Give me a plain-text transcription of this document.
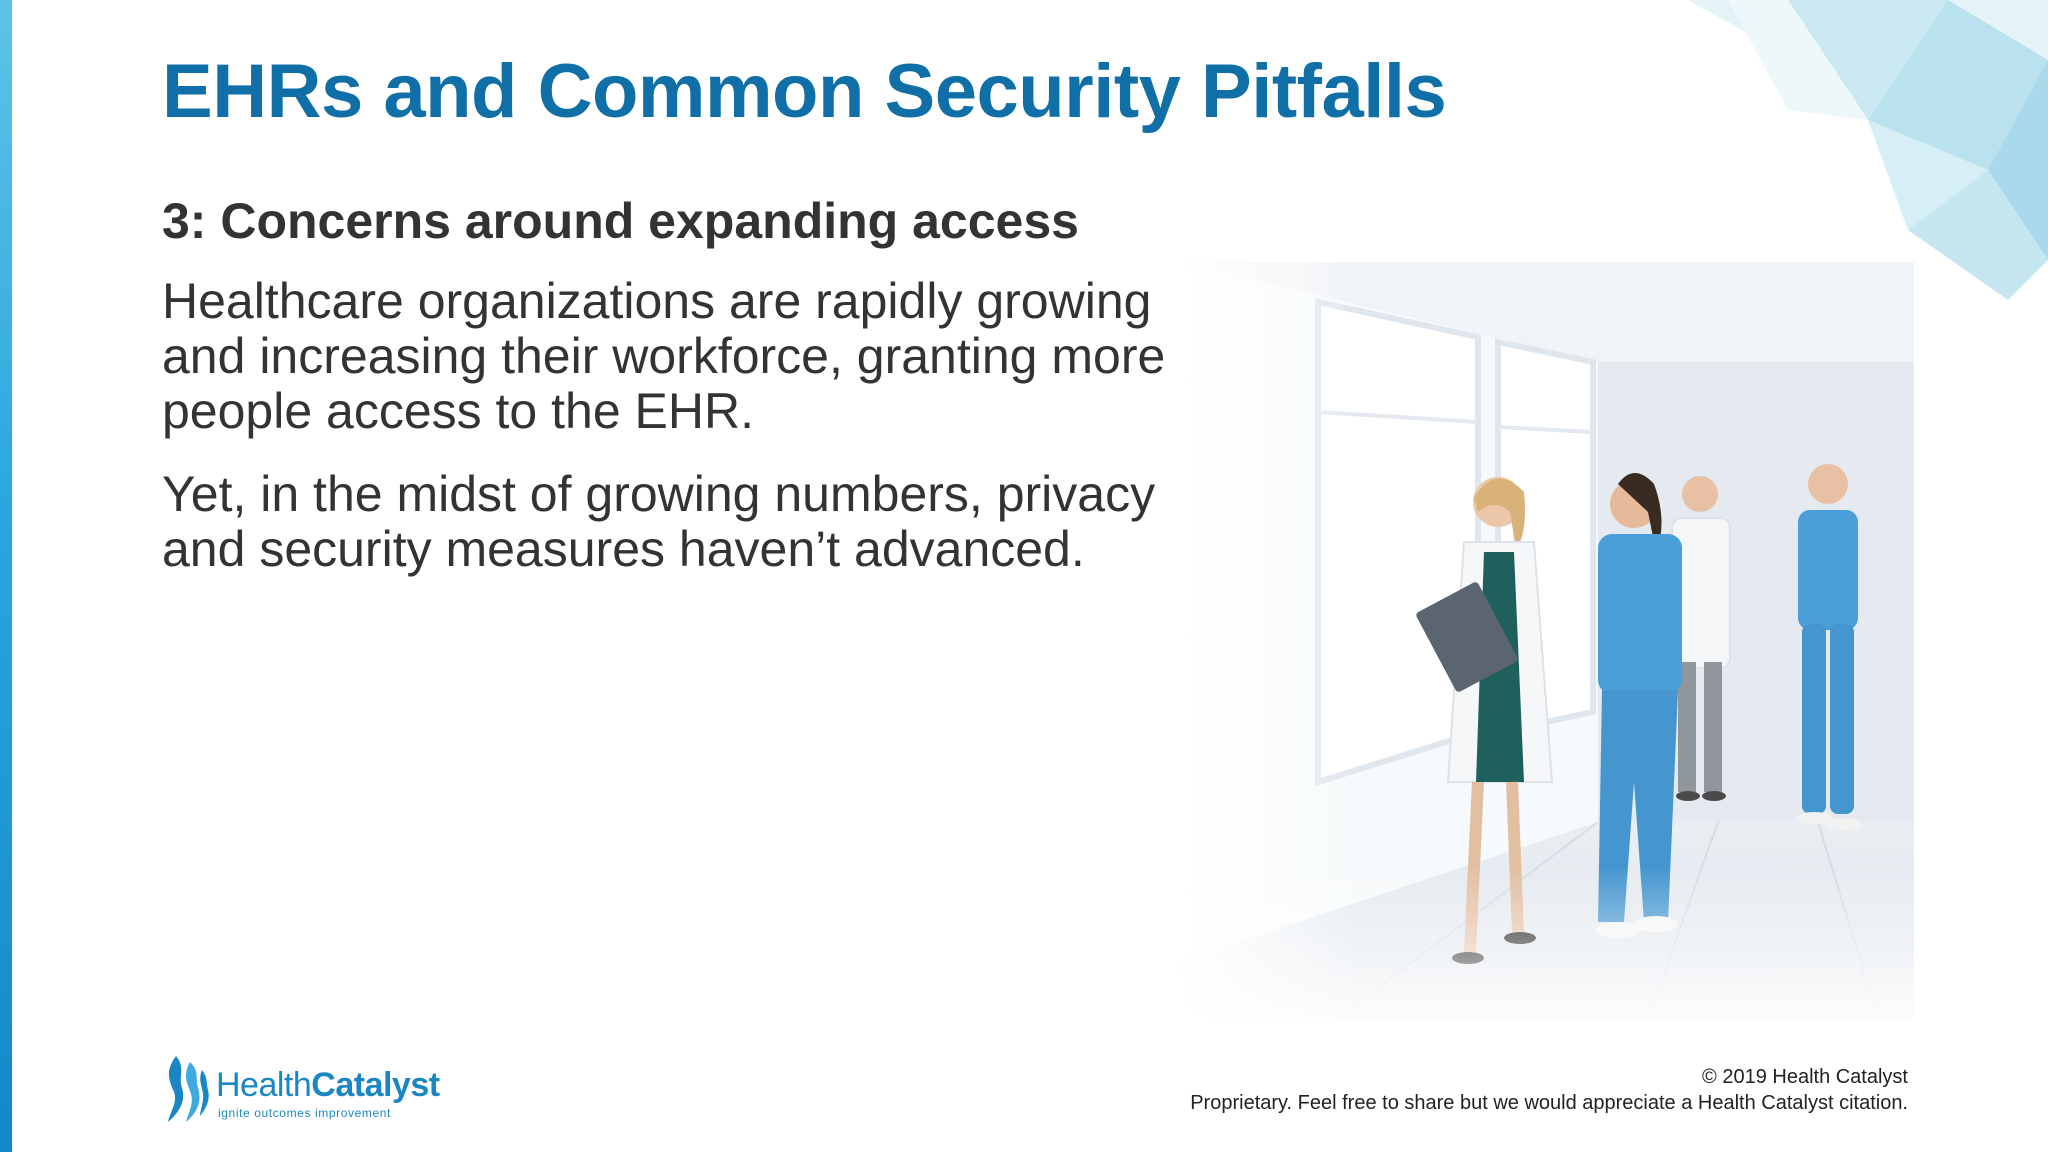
EHRs and Common Security Pitfalls
3: Concerns around expanding access

Healthcare organizations are rapidly growing and increasing their workforce, granting more people access to the EHR.

Yet, in the midst of growing numbers, privacy and security measures haven’t advanced.

HealthCatalyst
ignite outcomes improvement
© 2019 Health Catalyst
Proprietary. Feel free to share but we would appreciate a Health Catalyst citation.
